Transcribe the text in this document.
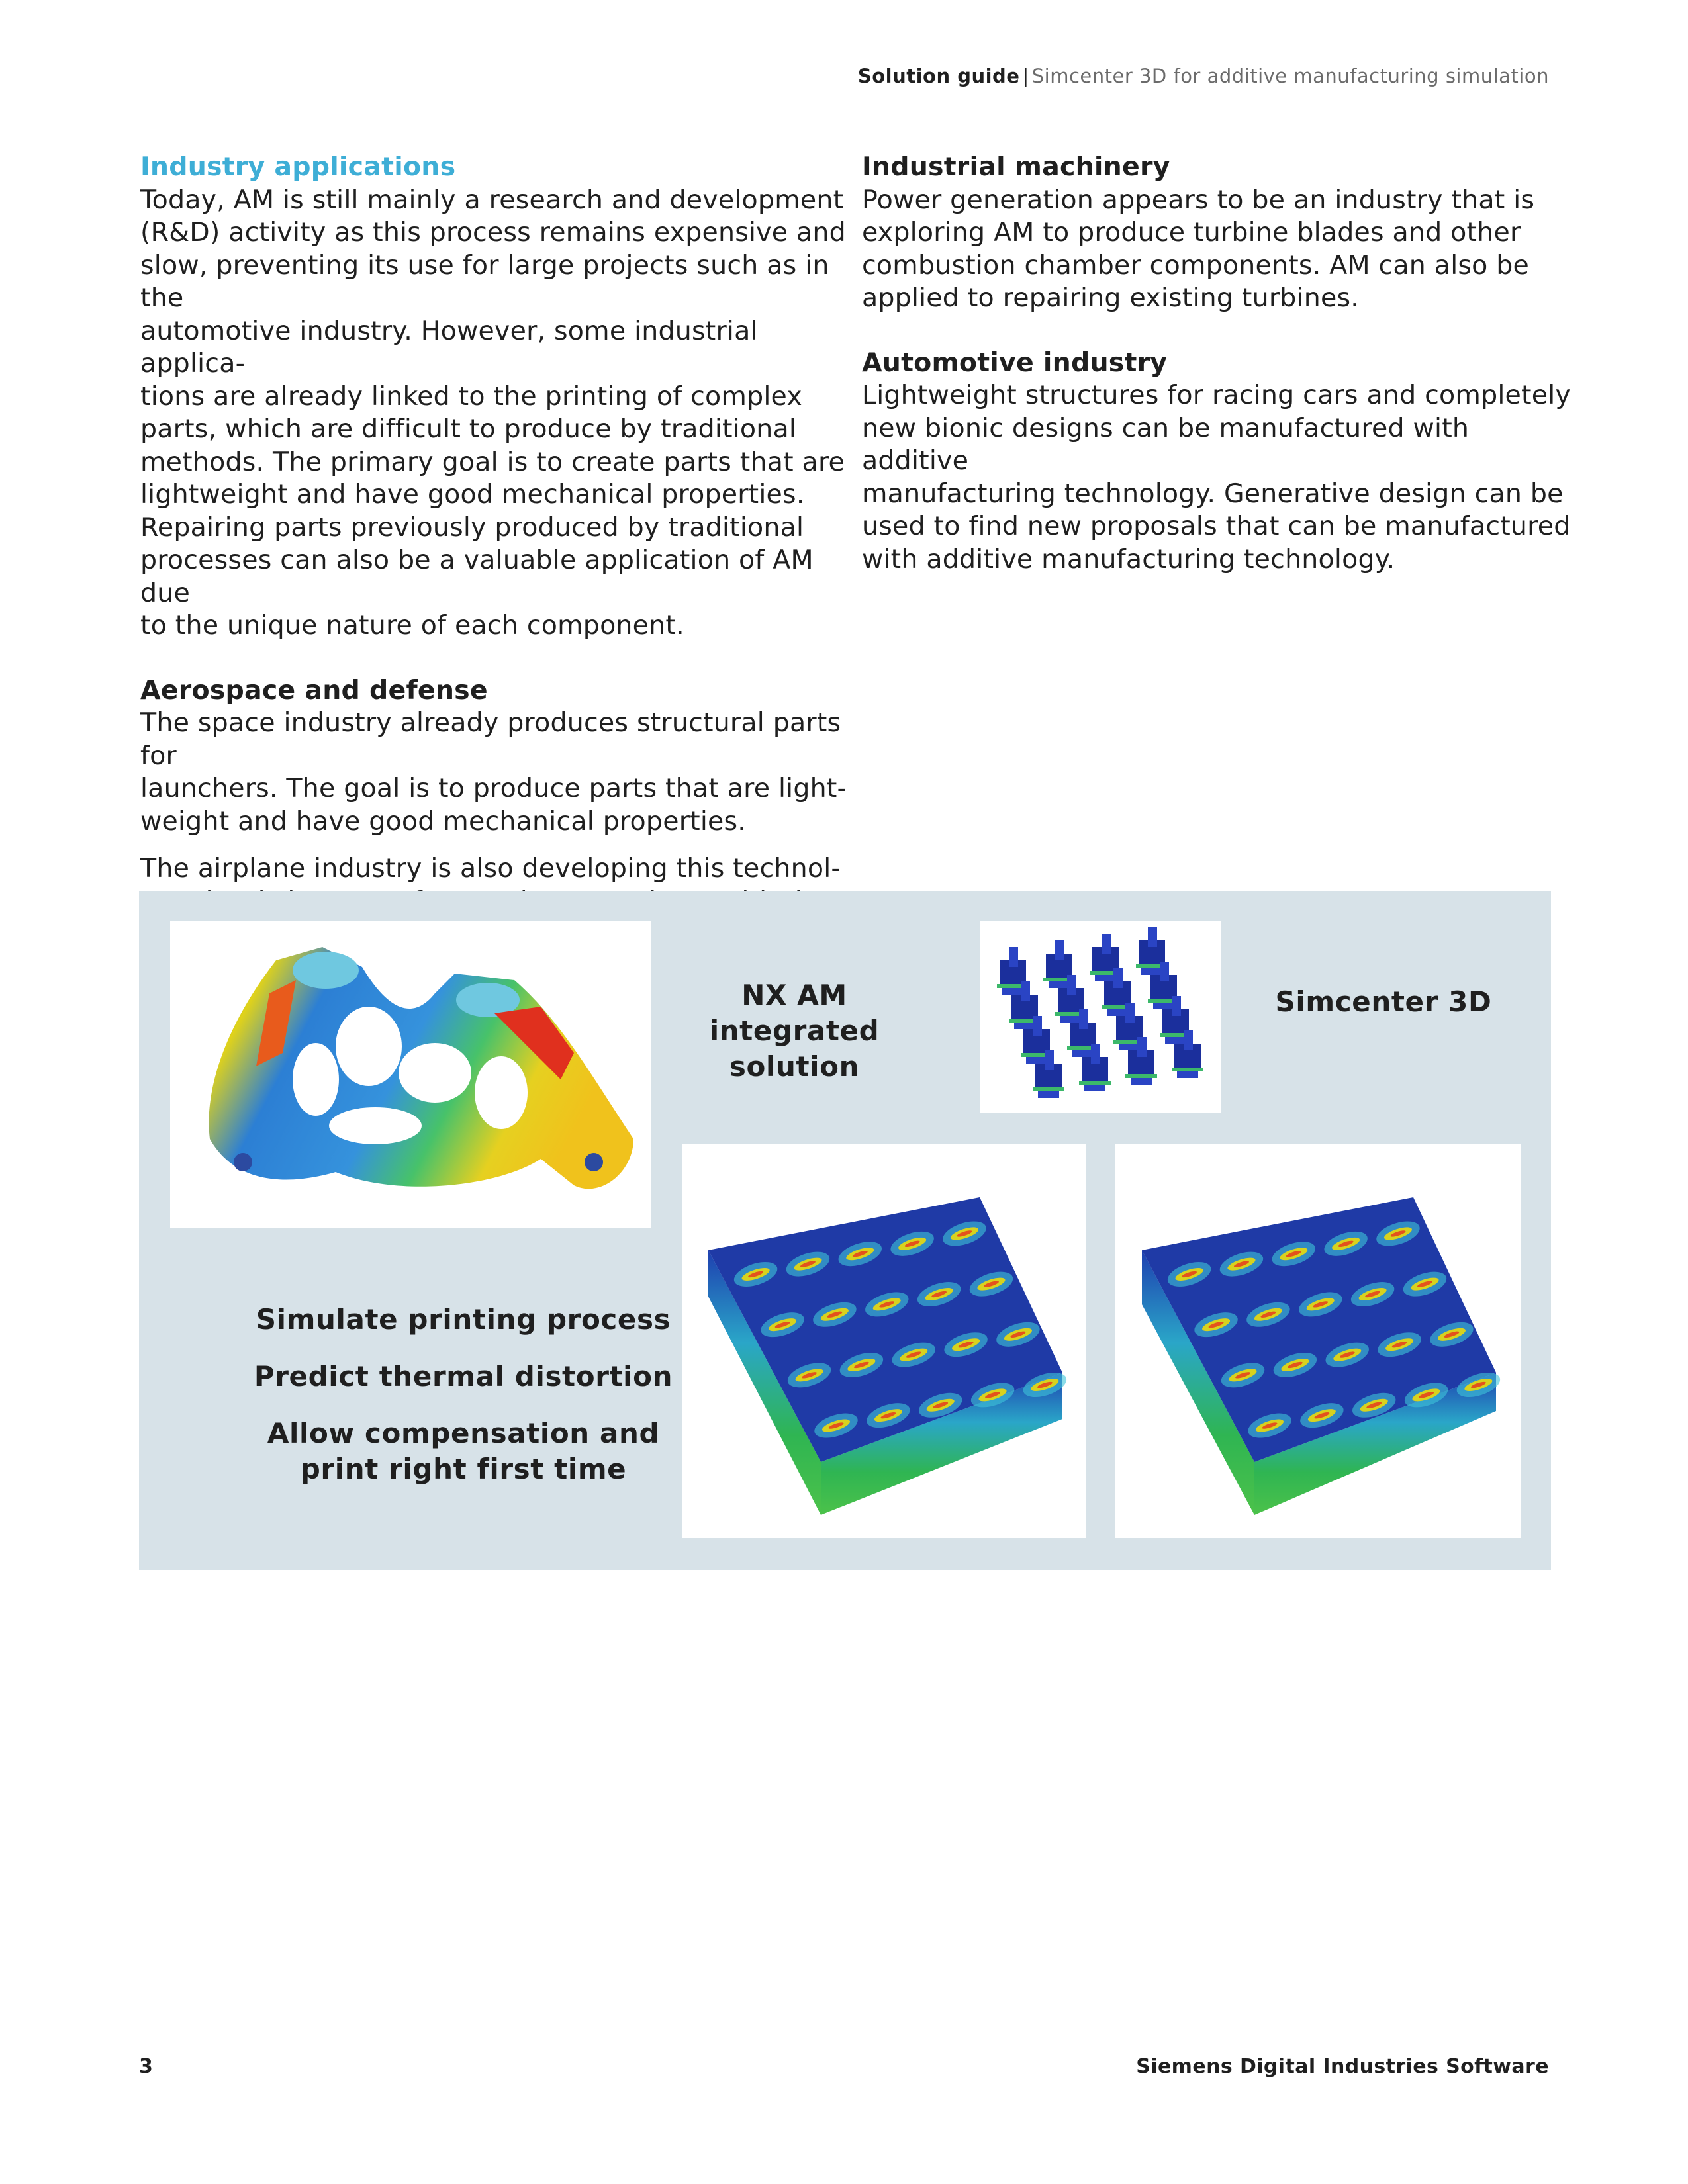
Solution guide | Simcenter 3D for additive manufacturing simulation
Industry applications

Today, AM is still mainly a research and development
(R&D) activity as this process remains expensive and
slow, preventing its use for large projects such as in the
automotive industry. However, some industrial applica-
tions are already linked to the printing of complex
parts, which are difficult to produce by traditional
methods. The primary goal is to create parts that are
lightweight and have good mechanical properties.
Repairing parts previously produced by traditional
processes can also be a valuable application of AM due
to the unique nature of each component.

Aerospace and defense

The space industry already produces structural parts for
launchers. The goal is to produce parts that are light-
weight and have good mechanical properties.

The airplane industry is also developing this technol-

Industrial machinery

Power generation appears to be an industry that is
exploring AM to produce turbine blades and other
combustion chamber components. AM can also be
applied to repairing existing turbines.

Automotive industry

Lightweight structures for racing cars and completely
new bionic designs can be manufactured with additive
manufacturing technology. Generative design can be
used to find new proposals that can be manufactured
with additive manufacturing technology.

NX AM integrated
solution
Simcenter 3D
Simulate printing process
Predict thermal distortion
Allow compensation and
print right first time
3	Siemens Digital Industries Software
